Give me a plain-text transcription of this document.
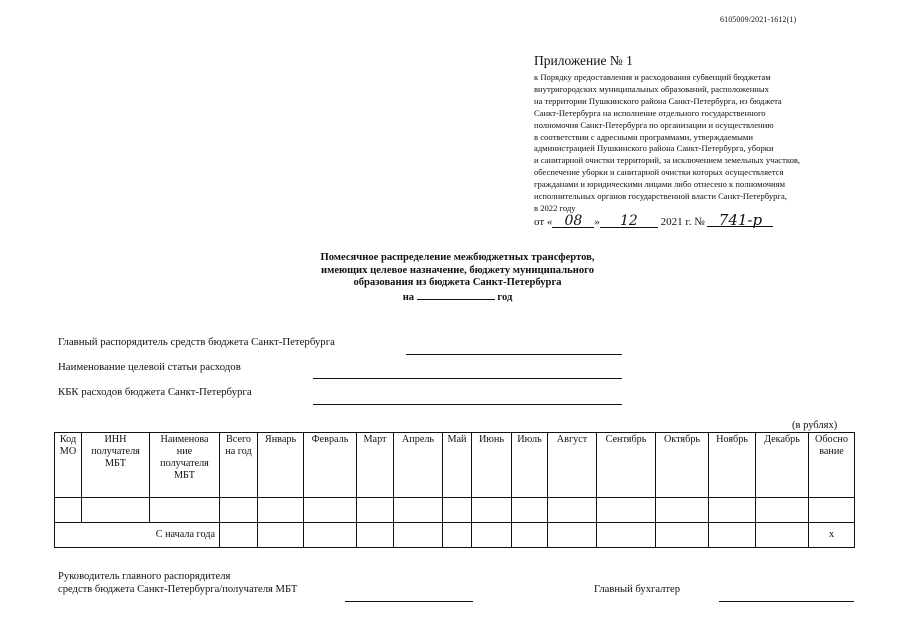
6105009/2021-1612(1)
Приложение № 1
к Порядку предоставления и расходования субвенций бюджетам
внутригородских муниципальных образований, расположенных
на территории Пушкинского района Санкт-Петербурга, из бюджета
Санкт-Петербурга на исполнение отдельного государственного
полномочия Санкт-Петербурга по организации и осуществлению
в соответствии с адресными программами, утверждаемыми
администрацией Пушкинского района Санкт-Петербурга, уборки
и санитарной очистки территорий, за исключением земельных участков,
обеспечение уборки и санитарной очистки которых осуществляется
гражданами и юридическими лицами либо отнесено к полномочиям
исполнительных органов государственной власти Санкт-Петербурга,
в 2022 году
от « 08 » 12 2021 г. № 741-р
Помесячное распределение межбюджетных трансфертов,
имеющих целевое назначение, бюджету муниципального
образования из бюджета Санкт-Петербурга
на	год
Главный распорядитель средств бюджета Санкт-Петербурга
Наименование целевой статьи расходов
КБК расходов бюджета Санкт-Петербурга
(в рублях)
Код МО	ИНН получателя МБТ	Наименова ние получателя МБТ	Всего на год	Январь	Февраль	Март	Апрель	Май	Июнь	Июль	Август	Сентябрь	Октябрь	Ноябрь	Декабрь	Обосно вание

С начала года																х
Руководитель главного распорядителя
средств бюджета Санкт-Петербурга/получателя МБТ	Главный бухгалтер
